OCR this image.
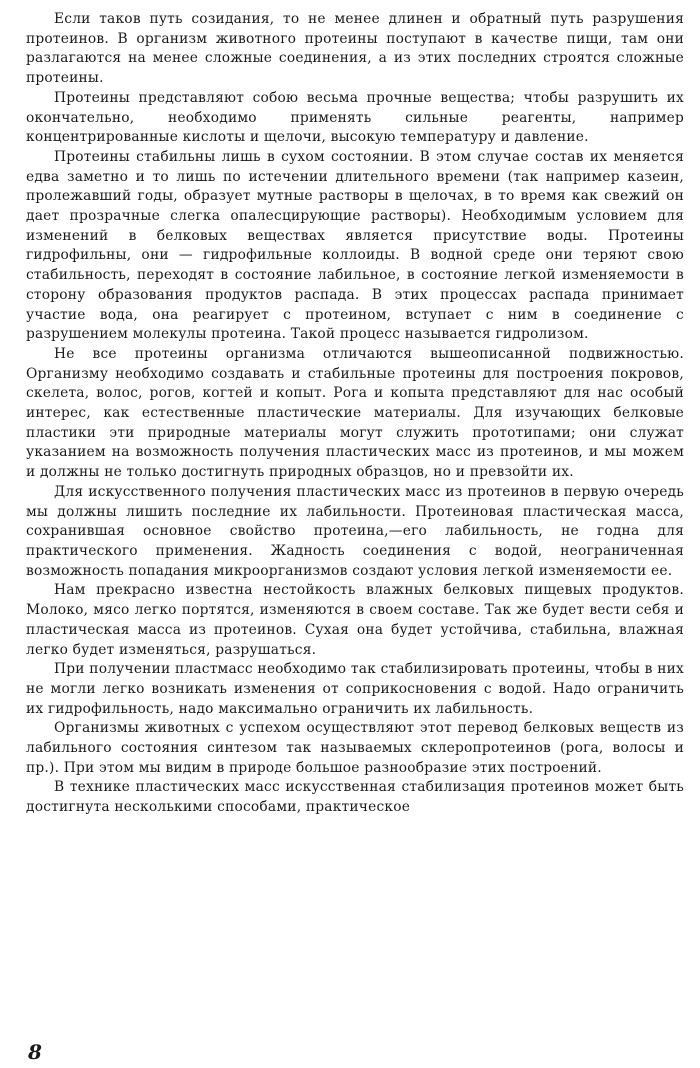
Если таков путь созидания, то не менее длинен и обратный путь разрушения протеинов. В организм животного протеины поступают в качестве пищи, там они разлагаются на менее сложные соединения, а из этих последних строятся сложные протеины.

Протеины представляют собою весьма прочные вещества; чтобы разрушить их окончательно, необходимо применять сильные реагенты, например концентрированные кислоты и щелочи, высокую температуру и давление.

Протеины стабильны лишь в сухом состоянии. В этом случае состав их меняется едва заметно и то лишь по истечении длительного времени (так например казеин, пролежавший годы, образует мутные растворы в щелочах, в то время как свежий он дает прозрачные слегка опалесцирующие растворы). Необходимым условием для изменений в белковых веществах является присутствие воды. Протеины гидрофильны, они — гидрофильные коллоиды. В водной среде они теряют свою стабильность, переходят в состояние лабильное, в состояние легкой изменяемости в сторону образования продуктов распада. В этих процессах распада принимает участие вода, она реагирует с протеином, вступает с ним в соединение с разрушением молекулы протеина. Такой процесс называется гидролизом.

Не все протеины организма отличаются вышеописанной подвижностью. Организму необходимо создавать и стабильные протеины для построения покровов, скелета, волос, рогов, когтей и копыт. Рога и копыта представляют для нас особый интерес, как естественные пластические материалы. Для изучающих белковые пластики эти природные материалы могут служить прототипами; они служат указанием на возможность получения пластических масс из протеинов, и мы можем и должны не только достигнуть природных образцов, но и превзойти их.

Для искусственного получения пластических масс из протеинов в первую очередь мы должны лишить последние их лабильности. Протеиновая пластическая масса, сохранившая основное свойство протеина,—его лабильность, не годна для практического применения. Жадность соединения с водой, неограниченная возможность попадания микроорганизмов создают условия легкой изменяемости ее.

Нам прекрасно известна нестойкость влажных белковых пищевых продуктов. Молоко, мясо легко портятся, изменяются в своем составе. Так же будет вести себя и пластическая масса из протеинов. Сухая она будет устойчива, стабильна, влажная легко будет изменяться, разрушаться.

При получении пластмасс необходимо так стабилизировать протеины, чтобы в них не могли легко возникать изменения от соприкосновения с водой. Надо ограничить их гидрофильность, надо максимально ограничить их лабильность.

Организмы животных с успехом осуществляют этот перевод белковых веществ из лабильного состояния синтезом так называемых склеропротеинов (рога, волосы и пр.). При этом мы видим в природе большое разнообразие этих построений.

В технике пластических масс искусственная стабилизация протеинов может быть достигнута несколькими способами, практическое

8
